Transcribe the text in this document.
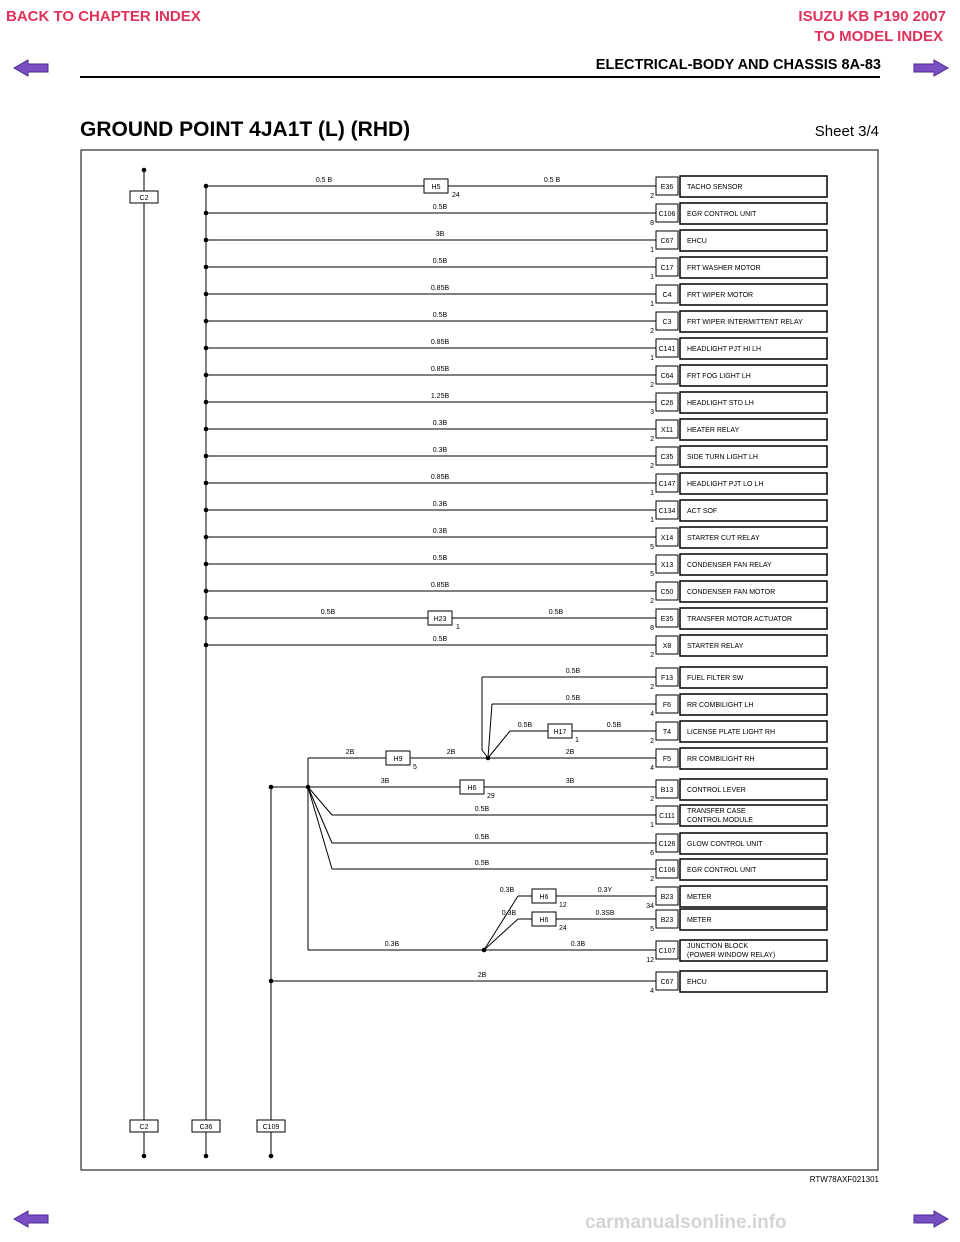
BACK TO CHAPTER INDEX	ISUZU KB P190 2007
TO MODEL INDEX
ELECTRICAL-BODY AND CHASSIS 8A-83
GROUND POINT 4JA1T (L) (RHD)	Sheet 3/4
C2
C2	C36	C109
E36
2
TACHO SENSOR
C106
8
EGR CONTROL UNIT
C67
1
EHCU
C17
1
FRT WASHER MOTOR
C4
1
FRT WIPER MOTOR
C3
2
FRT WIPER INTERMITTENT RELAY
C141
1
HEADLIGHT PJT HI LH
C64
2
FRT FOG LIGHT LH
C26
3
HEADLIGHT STD LH
X11
2
HEATER RELAY
C35
2
SIDE TURN LIGHT LH
C147
1
HEADLIGHT PJT LO LH
C134
1
ACT SOF
X14
5
STARTER CUT RELAY
X13
5
CONDENSER FAN RELAY
C50
2
CONDENSER FAN MOTOR
E35
8
TRANSFER MOTOR ACTUATOR
X8
2
STARTER RELAY
F13
2
FUEL FILTER SW
F6
4
RR COMBILIGHT LH
T4
2
LICENSE PLATE LIGHT RH
F5
4
RR COMBILIGHT RH
B13
2
CONTROL LEVER
C111
1
TRANSFER CASE
CONTROL MODULE
C126
6
GLOW CONTROL UNIT
C106
2
EGR CONTROL UNIT
B23
34
METER
B23
5
METER
C107
12
JUNCTION BLOCK
(POWER WINDOW RELAY)
C67
4
EHCU
H5
24
0.5 B	0.5 B
0.5B
3B
0.5B
0.85B
0.5B
0.85B
0.85B
1.25B
0.3B
0.3B
0.85B
0.3B
0.3B
0.5B
0.85B
H23
1
0.5B	0.5B
0.5B
0.5B
0.5B
H17
1
0.5B	0.5B
H9
5
2B	2B	2B
H6
29
3B	3B
0.5B
0.5B
0.5B
0.3B	0.3B
H6
12
0.3B	0.3Y
H6
24
0.3B	0.3SB
2B
RTW78AXF021301
carmanualsonline.info
